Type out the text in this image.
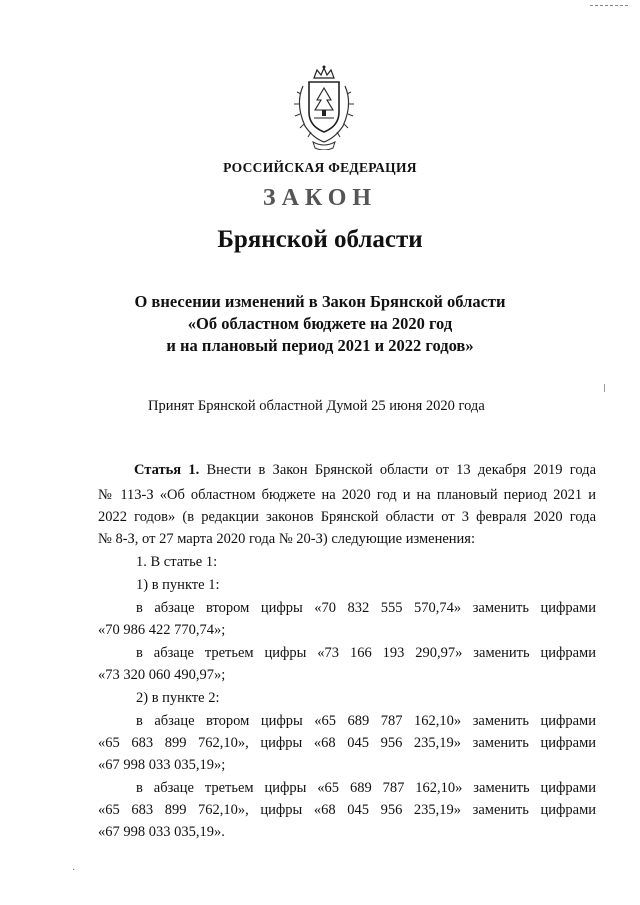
РОССИЙСКАЯ ФЕДЕРАЦИЯ
ЗАКОН
Брянской области
О внесении изменений в Закон Брянской области
«Об областном бюджете на 2020 год
и на плановый период 2021 и 2022 годов»
Принят Брянской областной Думой 25 июня 2020 года
Статья 1. Внести в Закон Брянской области от 13 декабря 2019 года
№ 113-З «Об областном бюджете на 2020 год и на плановый период 2021 и
2022 годов» (в редакции законов Брянской области от 3 февраля 2020 года
№ 8-З, от 27 марта 2020 года № 20-З) следующие изменения:
1. В статье 1:
1) в пункте 1:
в абзаце втором цифры «70 832 555 570,74» заменить цифрами
«70 986 422 770,74»;
в абзаце третьем цифры «73 166 193 290,97» заменить цифрами
«73 320 060 490,97»;
2) в пункте 2:
в абзаце втором цифры «65 689 787 162,10» заменить цифрами
«65 683 899 762,10», цифры «68 045 956 235,19» заменить цифрами
«67 998 033 035,19»;
в абзаце третьем цифры «65 689 787 162,10» заменить цифрами
«65 683 899 762,10», цифры «68 045 956 235,19» заменить цифрами
«67 998 033 035,19».
·
